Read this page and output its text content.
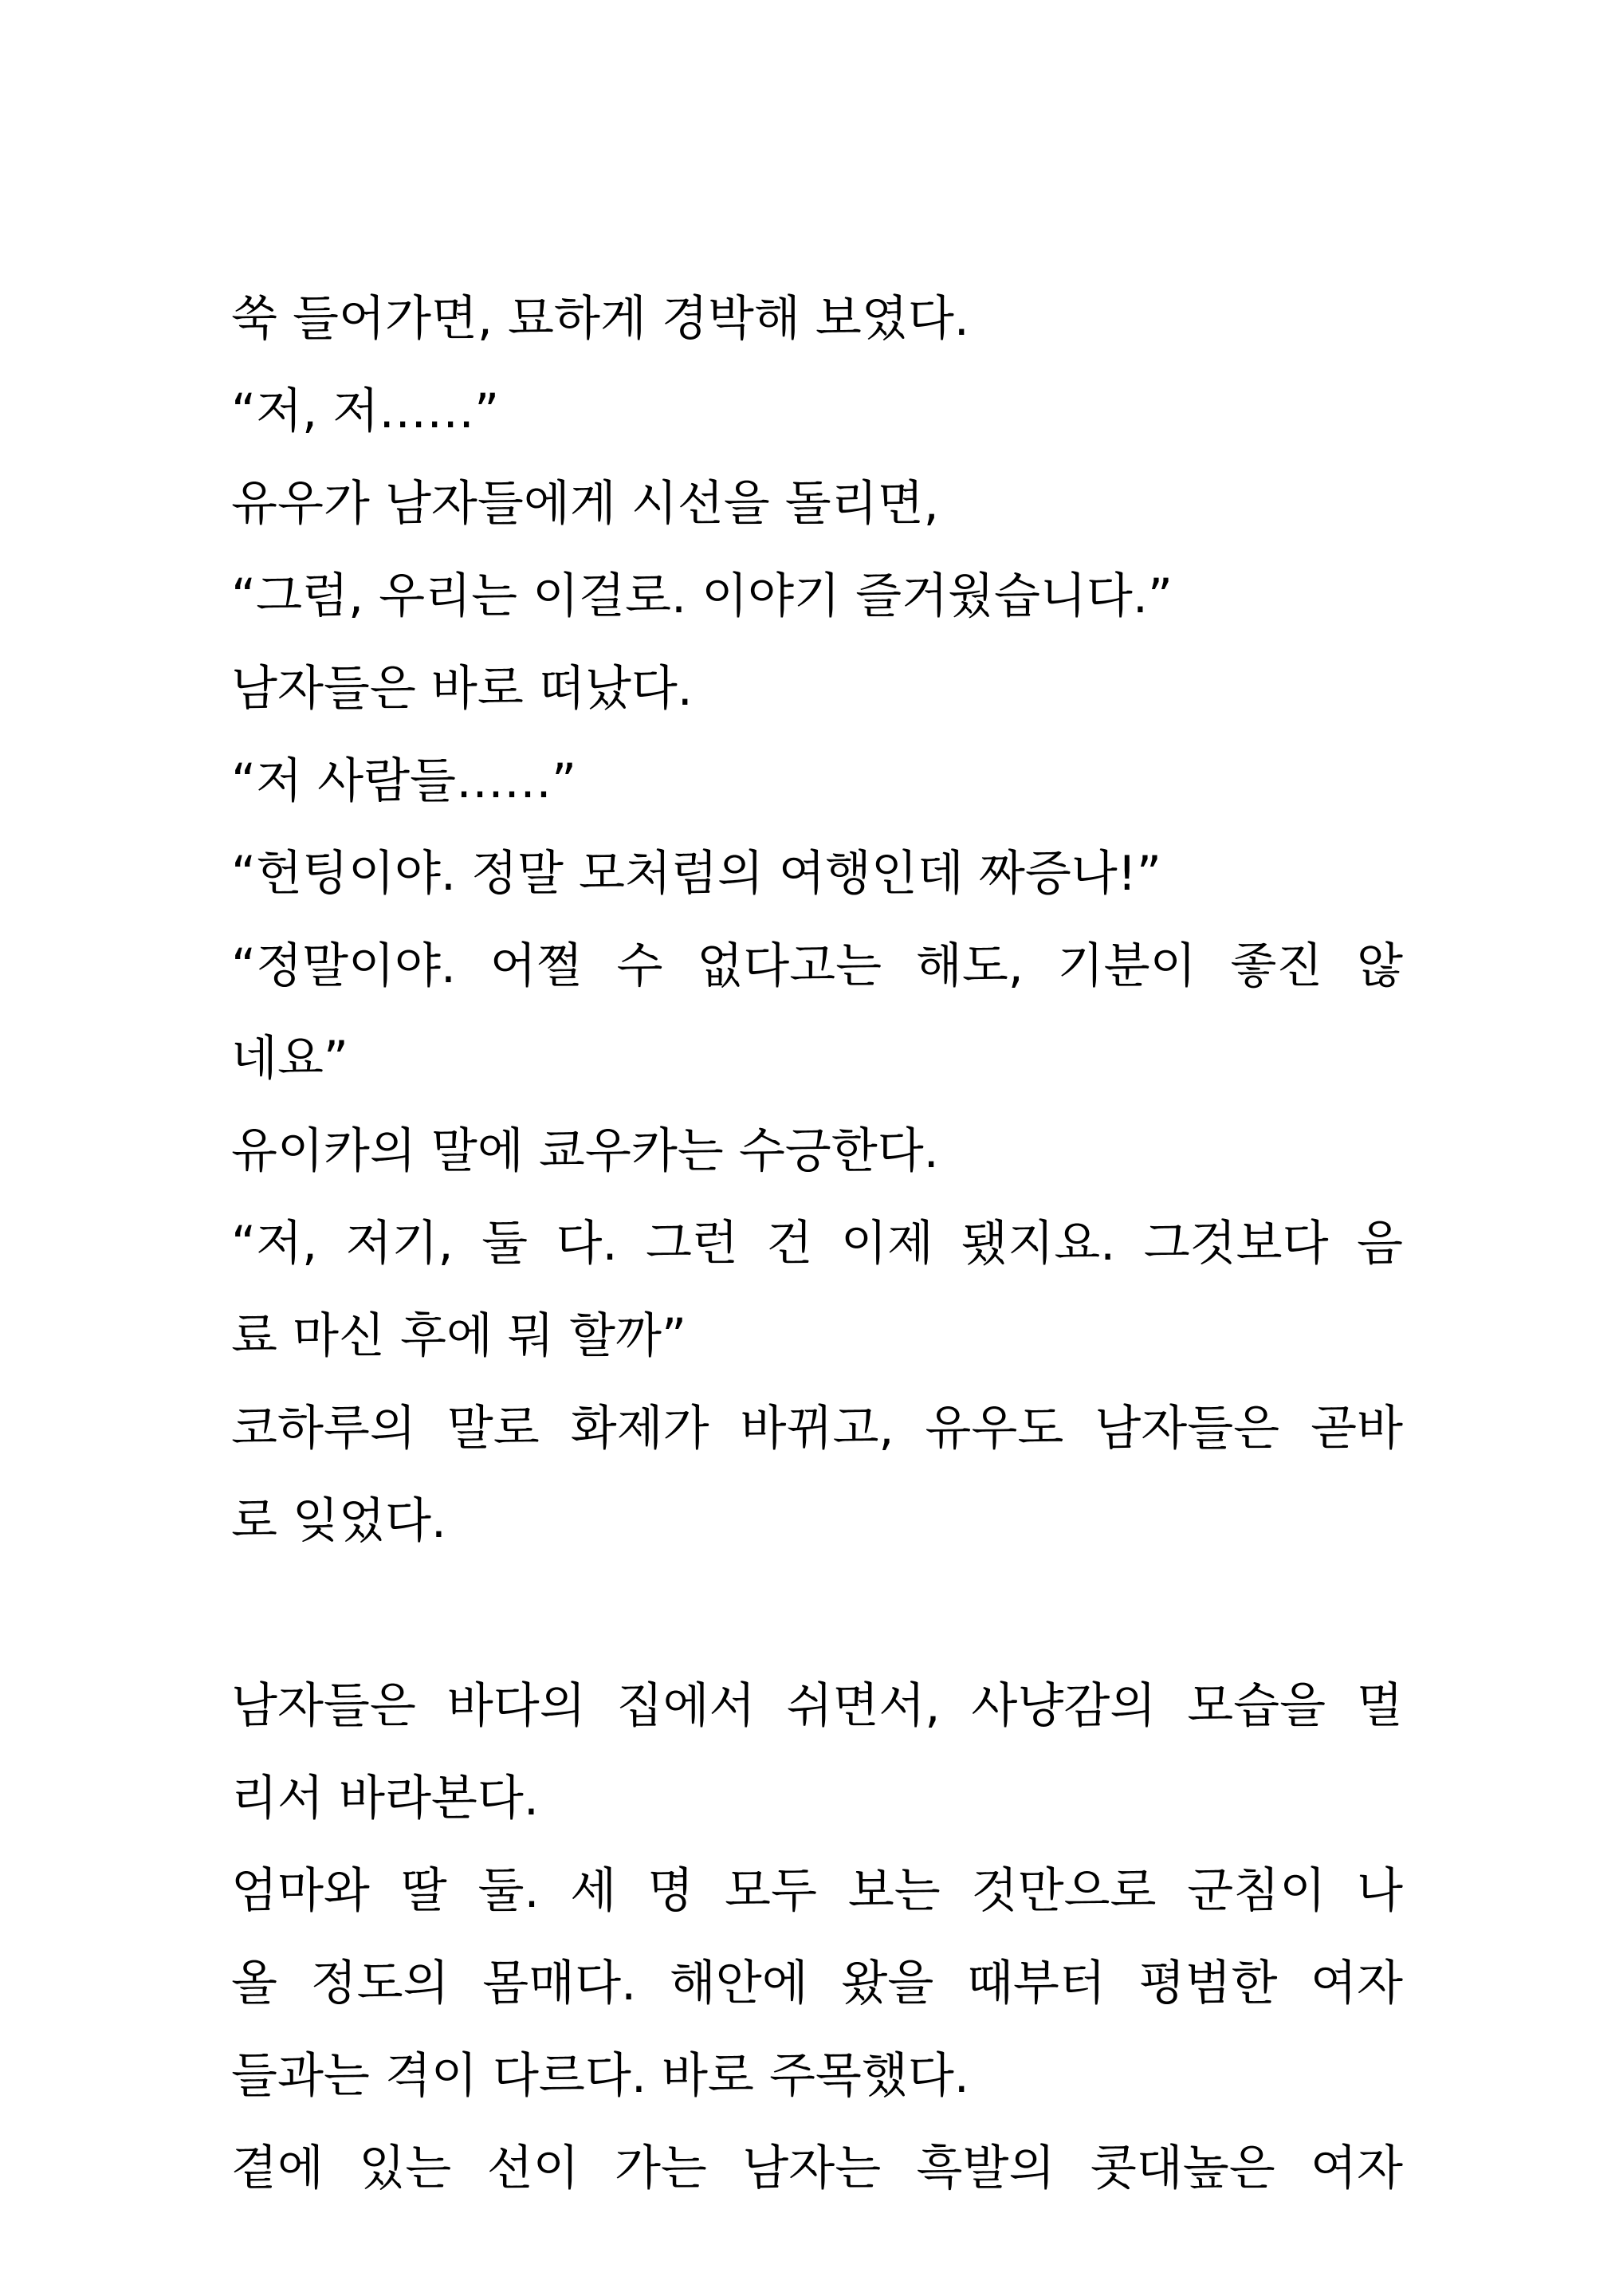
쑥 들어가면, 묘하게 경박해 보였다.
“저, 저……”
유우가 남자들에게 시선을 돌리면,
“그럼, 우리는 이걸로. 이야기 즐거웠습니다.”
남자들은 바로 떠났다.
“저 사람들……”
“헌팅이야. 정말 모처럼의 여행인데 짜증나!”
“정말이야. 어쩔 수 없다고는 해도, 기분이 좋진 않
네요”
유이카의 말에 쿄우카는 수긍한다.
“저, 저기, 둘 다. 그런 건 이제 됐지요. 그것보다 음
료 마신 후에 뭐 할까”
코하루의 말로 화제가 바뀌고, 유우도 남자들은 곧바
로 잊었다.
남자들은 바다의 집에서 쉬면서, 사냥감의 모습을 멀
리서 바라본다.
엄마와 딸 둘. 세 명 모두 보는 것만으로 군침이 나
올 정도의 몸매다. 해안에 왔을 때부터 평범한 여자
들과는 격이 다르다. 바로 주목했다.
곁에 있는 선이 가는 남자는 흑발의 콧대높은 여자
